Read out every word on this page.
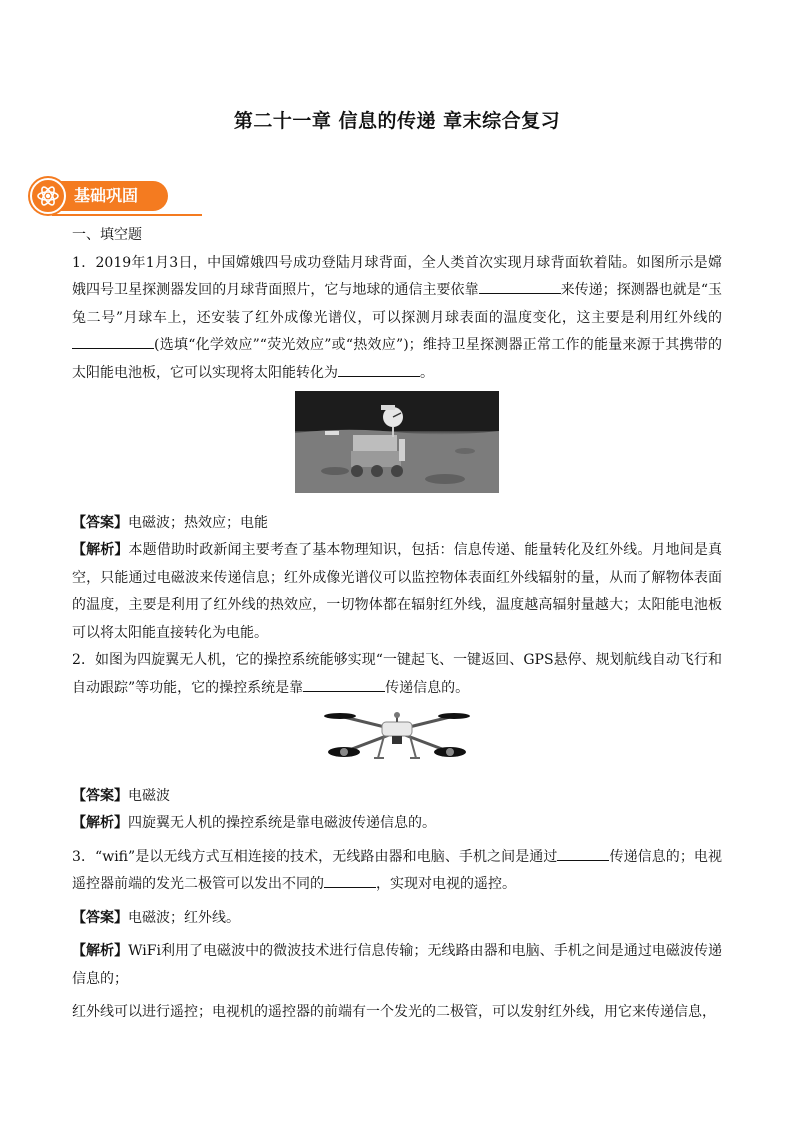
第二十一章 信息的传递 章末综合复习
基础巩固

一、填空题

1．2019年1月3日，中国嫦娥四号成功登陆月球背面，全人类首次实现月球背面软着陆。如图所示是嫦娥四号卫星探测器发回的月球背面照片，它与地球的通信主要依靠	来传递；探测器也就是“玉兔二号”月球车上，还安装了红外成像光谱仪，可以探测月球表面的温度变化，这主要是利用红外线的(选填“化学效应”“荧光效应”或“热效应”)；维持卫星探测器正常工作的能量来源于其携带的太阳能电池板，它可以实现将太阳能转化为	。

【答案】电磁波；热效应；电能

【解析】本题借助时政新闻主要考查了基本物理知识，包括：信息传递、能量转化及红外线。月地间是真空，只能通过电磁波来传递信息；红外成像光谱仪可以监控物体表面红外线辐射的量，从而了解物体表面的温度，主要是利用了红外线的热效应，一切物体都在辐射红外线，温度越高辐射量越大；太阳能电池板可以将太阳能直接转化为电能。

2．如图为四旋翼无人机，它的操控系统能够实现“一键起飞、一键返回、GPS悬停、规划航线自动飞行和自动跟踪”等功能，它的操控系统是靠	传递信息的。

【答案】电磁波

【解析】四旋翼无人机的操控系统是靠电磁波传递信息的。

3．“wifi”是以无线方式互相连接的技术，无线路由器和电脑、手机之间是通过	传递信息的；电视遥控器前端的发光二极管可以发出不同的	，实现对电视的遥控。

【答案】电磁波；红外线。

【解析】WiFi利用了电磁波中的微波技术进行信息传输；无线路由器和电脑、手机之间是通过电磁波传递信息的；

红外线可以进行遥控；电视机的遥控器的前端有一个发光的二极管，可以发射红外线，用它来传递信息，
